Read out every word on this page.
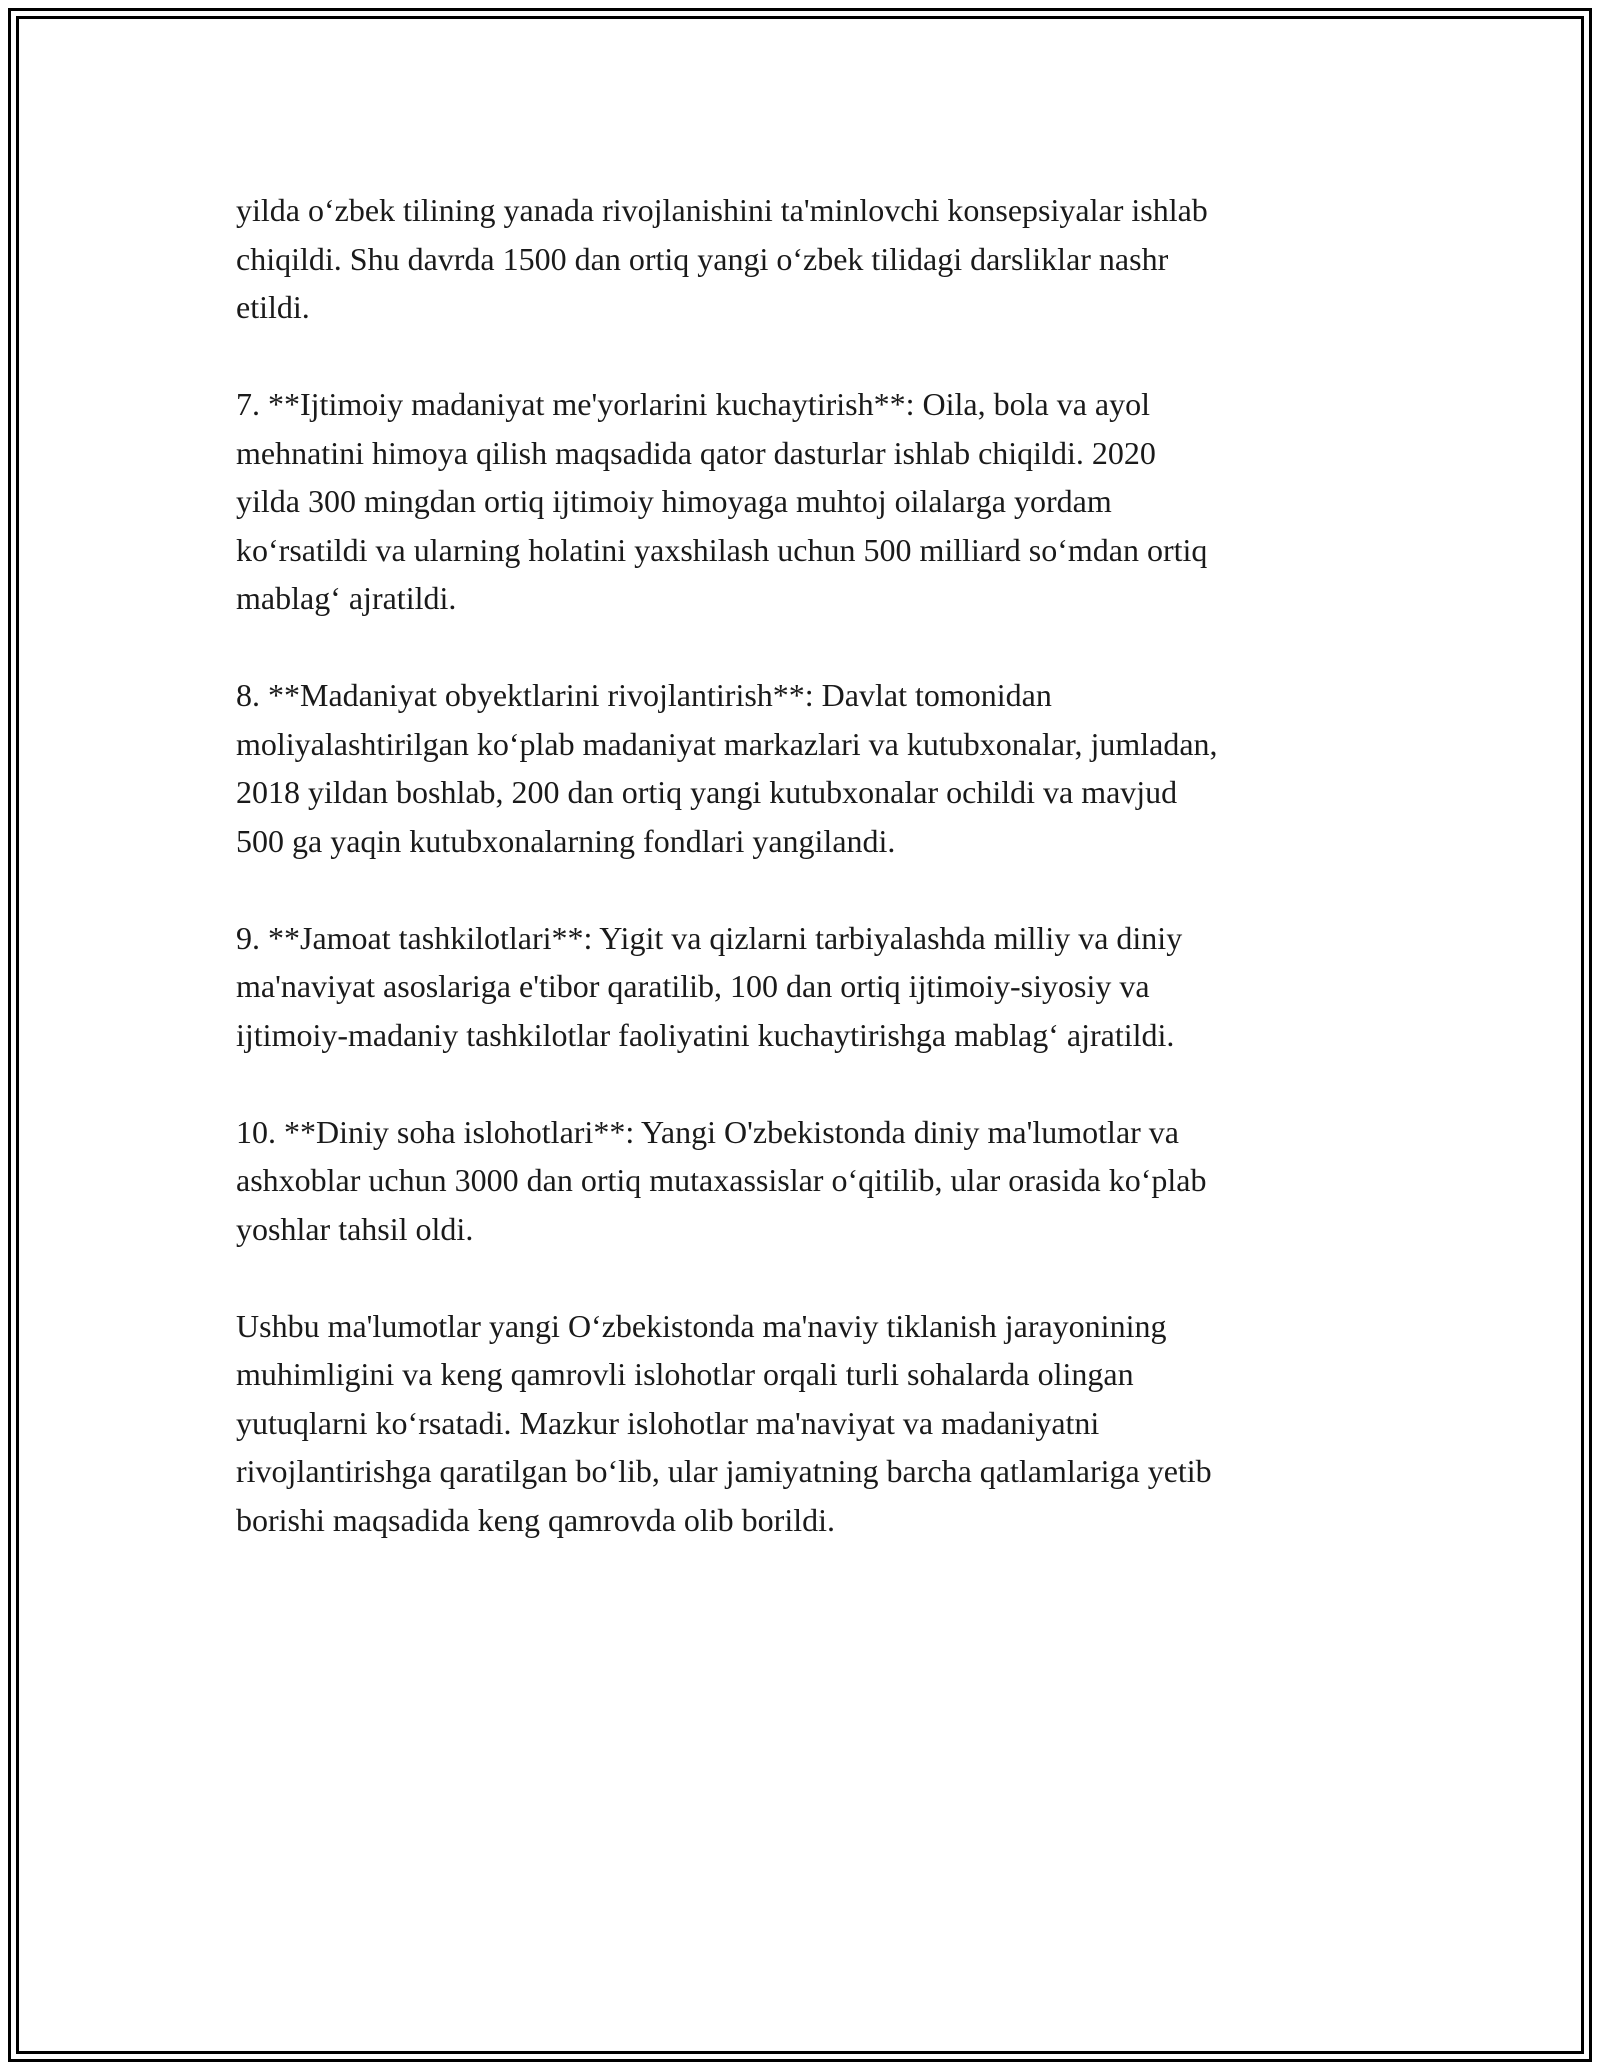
yilda o‘zbek tilining yanada rivojlanishini ta'minlovchi konsepsiyalar ishlab
chiqildi. Shu davrda 1500 dan ortiq yangi o‘zbek tilidagi darsliklar nashr
etildi.

7. **Ijtimoiy madaniyat me'yorlarini kuchaytirish**: Oila, bola va ayol
mehnatini himoya qilish maqsadida qator dasturlar ishlab chiqildi. 2020
yilda 300 mingdan ortiq ijtimoiy himoyaga muhtoj oilalarga yordam
ko‘rsatildi va ularning holatini yaxshilash uchun 500 milliard so‘mdan ortiq
mablag‘ ajratildi.

8. **Madaniyat obyektlarini rivojlantirish**: Davlat tomonidan
moliyalashtirilgan ko‘plab madaniyat markazlari va kutubxonalar, jumladan,
2018 yildan boshlab, 200 dan ortiq yangi kutubxonalar ochildi va mavjud
500 ga yaqin kutubxonalarning fondlari yangilandi.

9. **Jamoat tashkilotlari**: Yigit va qizlarni tarbiyalashda milliy va diniy
ma'naviyat asoslariga e'tibor qaratilib, 100 dan ortiq ijtimoiy-siyosiy va
ijtimoiy-madaniy tashkilotlar faoliyatini kuchaytirishga mablag‘ ajratildi.

10. **Diniy soha islohotlari**: Yangi O'zbekistonda diniy ma'lumotlar va
ashxoblar uchun 3000 dan ortiq mutaxassislar o‘qitilib, ular orasida ko‘plab
yoshlar tahsil oldi.

Ushbu ma'lumotlar yangi O‘zbekistonda ma'naviy tiklanish jarayonining
muhimligini va keng qamrovli islohotlar orqali turli sohalarda olingan
yutuqlarni ko‘rsatadi. Mazkur islohotlar ma'naviyat va madaniyatni
rivojlantirishga qaratilgan bo‘lib, ular jamiyatning barcha qatlamlariga yetib
borishi maqsadida keng qamrovda olib borildi.
